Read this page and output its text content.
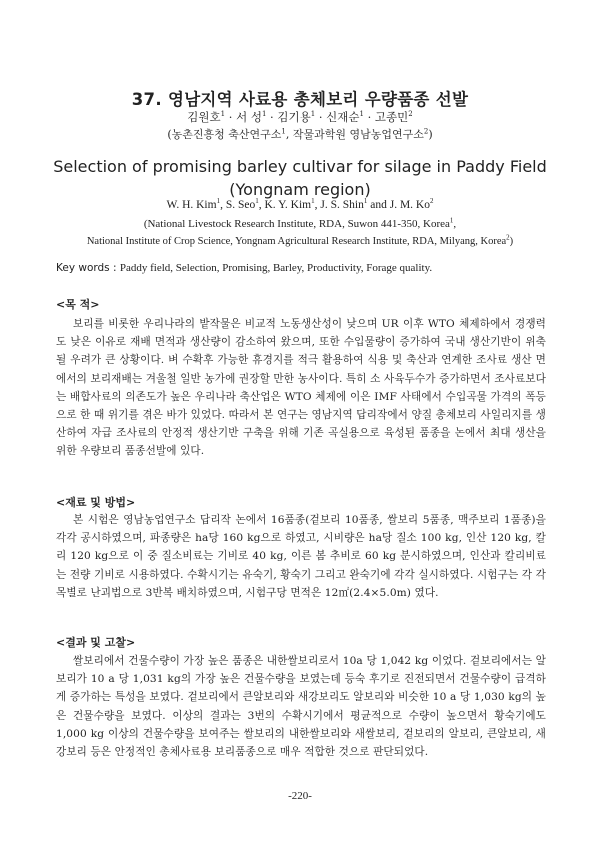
37. 영남지역 사료용 총체보리 우량품종 선발
김원호$^1$ · 서 성$^1$ · 김기용$^1$ · 신재순$^1$ · 고종민$^2$
(농촌진흥청 축산연구소$^1$, 작물과학원 영남농업연구소$^2$)
Selection of promising barley cultivar for silage in Paddy Field
(Yongnam region)
W. H. Kim$^1$, S. Seo$^1$, K. Y. Kim$^1$, J. S. Shin$^1$ and J. M. Ko$^2$
(National Livestock Research Institute, RDA, Suwon 441-350, Korea$^1$,
National Institute of Crop Science, Yongnam Agricultural Research Institute, RDA, Milyang, Korea$^2$)
Key words : Paddy field, Selection, Promising, Barley, Productivity, Forage quality.
<목 적>

보리를 비롯한 우리나라의 밭작물은 비교적 노동생산성이 낮으며 UR 이후 WTO 체제하에서 경쟁력도 낮은 이유로 재배 면적과 생산량이 감소하여 왔으며, 또한 수입물량이 증가하여 국내 생산기반이 위축될 우려가 큰 상황이다. 벼 수확후 가능한 휴경지를 적극 활용하여 식용 및 축산과 연계한 조사료 생산 면에서의 보리재배는 겨울철 일반 농가에 권장할 만한 농사이다. 특히 소 사육두수가 증가하면서 조사료보다는 배합사료의 의존도가 높은 우리나라 축산업은 WTO 체제에 이은 IMF 사태에서 수입곡물 가격의 폭등으로 한 때 위기를 겪은 바가 있었다. 따라서 본 연구는 영남지역 답리작에서 양질 총체보리 사일리지를 생산하여 자급 조사료의 안정적 생산기반 구축을 위해 기존 곡실용으로 육성된 품종을 논에서 최대 생산을 위한 우량보리 품종선발에 있다.

<재료 및 방법>

본 시험은 영남농업연구소 답리작 논에서 16품종(겉보리 10품종, 쌀보리 5품종, 맥주보리 1품종)을 각각 공시하였으며, 파종량은 ha당 160 kg으로 하였고, 시비량은 ha당 질소 100 kg, 인산 120 kg, 칼리 120 kg으로 이 중 질소비료는 기비로 40 kg, 이른 봄 추비로 60 kg 분시하였으며, 인산과 칼리비료는 전량 기비로 시용하였다. 수확시기는 유숙기, 황숙기 그리고 완숙기에 각각 실시하였다. 시험구는 각 각 목별로 난괴법으로 3반복 배치하였으며, 시험구당 면적은 12㎡(2.4×5.0m) 였다.

<결과 및 고찰>

쌀보리에서 건물수량이 가장 높은 품종은 내한쌀보리로서 10a 당 1,042 kg 이었다. 겉보리에서는 알보리가 10 a 당 1,031 kg의 가장 높은 건물수량을 보였는데 등숙 후기로 진전되면서 건물수량이 급격하게 증가하는 특성을 보였다. 겉보리에서 큰알보리와 새강보리도 알보리와 비슷한 10 a 당 1,030 kg의 높은 건물수량을 보였다. 이상의 결과는 3번의 수확시기에서 평균적으로 수량이 높으면서 황숙기에도 1,000 kg 이상의 건물수량을 보여주는 쌀보리의 내한쌀보리와 새쌀보리, 겉보리의 알보리, 큰알보리, 새강보리 등은 안정적인 총체사료용 보리품종으로 매우 적합한 것으로 판단되었다.

-220-
